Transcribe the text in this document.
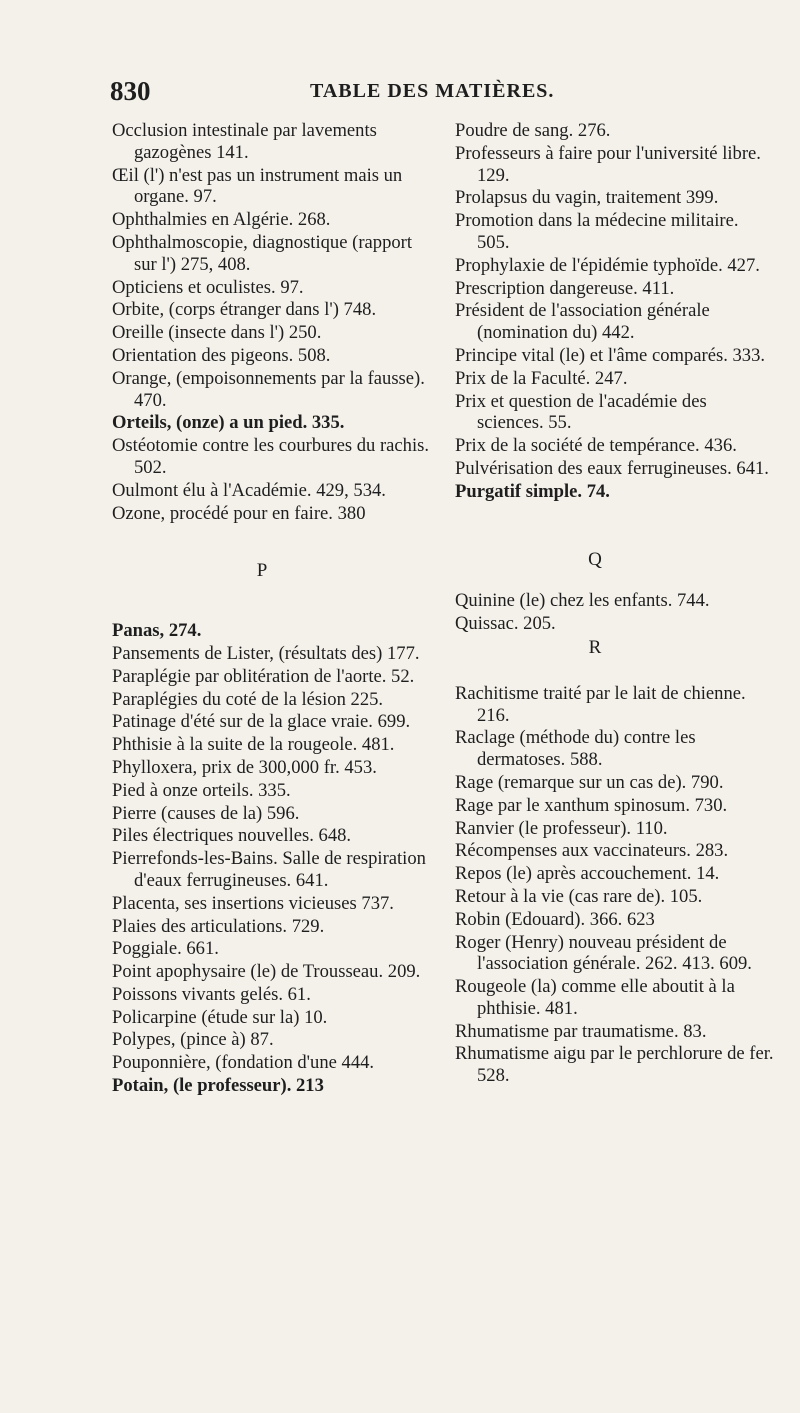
830	TABLE DES MATIÈRES.
Occlusion intestinale par lavements gazogènes 141.
Œil (l') n'est pas un instrument mais un organe. 97.
Ophthalmies en Algérie. 268.
Ophthalmoscopie, diagnostique (rapport sur l') 275, 408.
Opticiens et oculistes. 97.
Orbite, (corps étranger dans l') 748.
Oreille (insecte dans l') 250.
Orientation des pigeons. 508.
Orange, (empoisonnements par la fausse). 470.
Orteils, (onze) a un pied. 335.
Ostéotomie contre les courbures du rachis. 502.
Oulmont élu à l'Académie. 429, 534.
Ozone, procédé pour en faire. 380
P
Panas, 274.
Pansements de Lister, (résultats des) 177.
Paraplégie par oblitération de l'aorte. 52.
Paraplégies du coté de la lésion 225.
Patinage d'été sur de la glace vraie. 699.
Phthisie à la suite de la rougeole. 481.
Phylloxera, prix de 300,000 fr. 453.
Pied à onze orteils. 335.
Pierre (causes de la) 596.
Piles électriques nouvelles. 648.
Pierrefonds-les-Bains. Salle de respiration d'eaux ferrugineuses. 641.
Placenta, ses insertions vicieuses 737.
Plaies des articulations. 729.
Poggiale. 661.
Point apophysaire (le) de Trousseau. 209.
Poissons vivants gelés. 61.
Policarpine (étude sur la) 10.
Polypes, (pince à) 87.
Pouponnière, (fondation d'une 444.
Potain, (le professeur). 213
Poudre de sang. 276.
Professeurs à faire pour l'université libre. 129.
Prolapsus du vagin, traitement 399.
Promotion dans la médecine militaire. 505.
Prophylaxie de l'épidémie typhoïde. 427.
Prescription dangereuse. 411.
Président de l'association générale (nomination du) 442.
Principe vital (le) et l'âme comparés. 333.
Prix de la Faculté. 247.
Prix et question de l'académie des sciences. 55.
Prix de la société de tempérance. 436.
Pulvérisation des eaux ferrugineuses. 641.
Purgatif simple. 74.
Q
Quinine (le) chez les enfants. 744.
Quissac. 205.
R
Rachitisme traité par le lait de chienne. 216.
Raclage (méthode du) contre les dermatoses. 588.
Rage (remarque sur un cas de). 790.
Rage par le xanthum spinosum. 730.
Ranvier (le professeur). 110.
Récompenses aux vaccinateurs. 283.
Repos (le) après accouchement. 14.
Retour à la vie (cas rare de). 105.
Robin (Edouard). 366. 623
Roger (Henry) nouveau président de l'association générale. 262. 413. 609.
Rougeole (la) comme elle aboutit à la phthisie. 481.
Rhumatisme par traumatisme. 83.
Rhumatisme aigu par le perchlorure de fer. 528.
